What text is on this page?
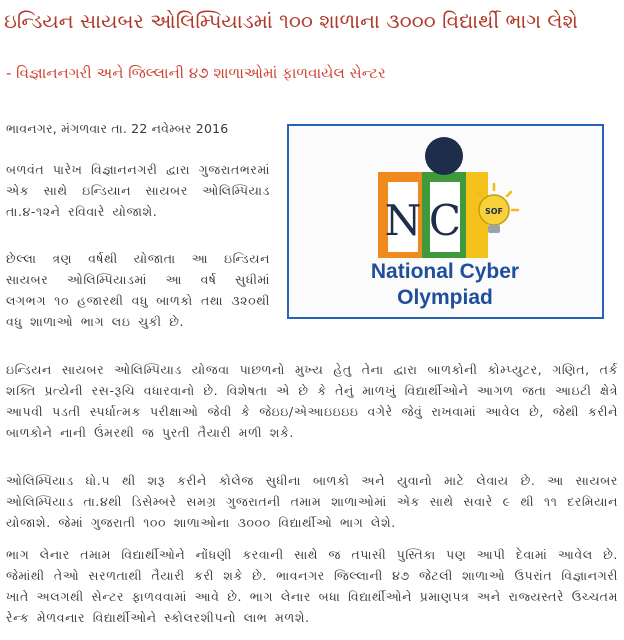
ઇન્ડિયન સાયબર ઓલિમ્પિયાડમાં ૧૦૦ શાળાના ૩૦૦૦ વિદ્યાર્થી ભાગ લેશે
- વિજ્ઞાનનગરી અને જિલ્લાની ૪૭ શાળાઓમાં ફાળવાયેલ સેન્ટર
ભાવનગર, મંગળવાર તા. 22 નવેમ્બર 2016

બળવંત પારેખ વિજ્ઞાનનગરી દ્વારા ગુજરાતભરમાં એક સાથે ઇન્ડિયાન સાયબર ઓલિમ્પિયાડ તા.૪-૧૨ને રવિવારે યોજાશે.

છેલ્લા ત્રણ વર્ષથી યોજાતા આ ઇન્ડિયન સાયબર ઓલિમ્પિયાડમાં આ વર્ષ સુધીમાં લગભગ ૧૦ હજારથી વધુ બાળકો તથા ૩૨૦થી વધુ શાળાઓ ભાગ લઇ ચુકી છે.

N C	SOF
National Cyber
Olympiad

ઇન્ડિયન સાયબર ઓલિમ્પિયાડ યોજવા પાછળનો મુખ્ય હેતુ તેના દ્વારા બાળકોની કોમ્પ્યુટર, ગણિત, તર્ક શક્તિ પ્રત્યેની રસ-રૂચિ વધારવાનો છે. વિશેષતા એ છે કે તેનું માળખું વિદ્યાર્થીઓને આગળ જતા આઇટી ક્ષેત્રે આપવી પડતી સ્પર્ધાત્મક પરીક્ષાઓ જેવી કે જેઇઇ/એઆઇઇઇઇ વગેરે જેવું રાખવામાં આવેલ છે, જેથી કરીને બાળકોને નાની ઉંમરથી જ પુરતી તૈયારી મળી શકે.

ઓલિમ્પિયાડ ધો.૫ થી શરૂ કરીને કોલેજ સુધીના બાળકો અને યુવાનો માટે લેવાય છે. આ સાયબર ઓલિમ્પિયાડ તા.૪થી ડિસેમ્બરે સમગ્ર ગુજરાતની તમામ શાળાઓમાં એક સાથે સવારે ૯ થી ૧૧ દરમિયાન યોજાશે. જેમાં ગુજરાતી ૧૦૦ શાળાઓના ૩૦૦૦ વિદ્યાર્થીઓ ભાગ લેશે.

ભાગ લેનાર તમામ વિદ્યાર્થીઓને નોંધણી કરવાની સાથે જ તપાસી પુસ્તિકા પણ આપી દેવામાં આવેલ છે. જેમાંથી તેઓ સરળતાથી તૈયારી કરી શકે છે. ભાવનગર જિલ્લાની ૪૭ જેટલી શાળાઓ ઉપરાંત વિજ્ઞાનગરી ખાતે અલગથી સેન્ટર ફાળવવામાં આવે છે. ભાગ લેનાર બધા વિદ્યાર્થીઓને પ્રમાણપત્ર અને રાજ્યસ્તરે ઉચ્ચતમ રેન્ક મેળવનાર વિદ્યાર્થીઓને સ્કોલરશીપનો લાભ મળશે.
